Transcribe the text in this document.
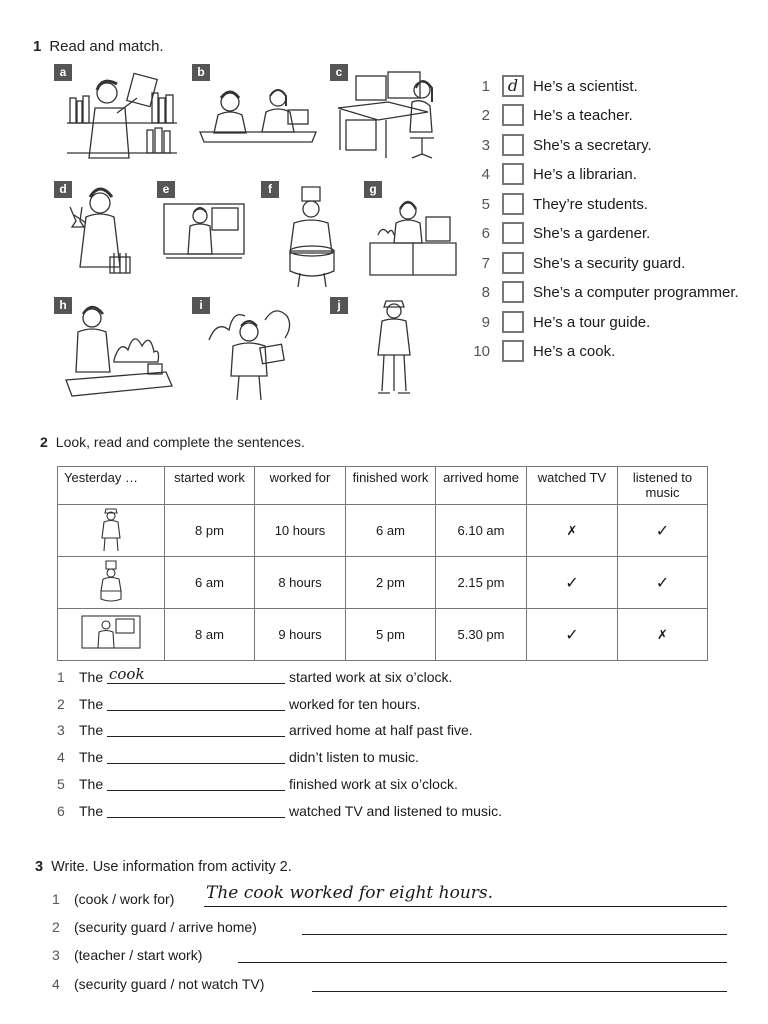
1 Read and match.
a	b	c
d	e	f	g
h	i	j
1 d He’s a scientist.
2	He’s a teacher.
3	She’s a secretary.
4	He’s a librarian.
5	They’re students.
6	She’s a gardener.
7	She’s a security guard.
8	She’s a computer programmer.
9	He’s a tour guide.
10	He’s a cook.
2 Look, read and complete the sentences.
Yesterday …	started work	worked for	finished work	arrived home	watched TV	listened to music
	8 pm	10 hours	6 am	6.10 am	✗	✓
	6 am	8 hours	2 pm	2.15 pm	✓	✓
	8 am	9 hours	5 pm	5.30 pm	✓	✗
1 The cook	started work at six o’clock.
2 The	worked for ten hours.
3 The	arrived home at half past five.
4 The	didn’t listen to music.
5 The	finished work at six o’clock.
6 The	watched TV and listened to music.
3 Write. Use information from activity 2.
1 (cook / work for) The cook worked for eight hours.
2 (security guard / arrive home)
3 (teacher / start work)
4 (security guard / not watch TV)
